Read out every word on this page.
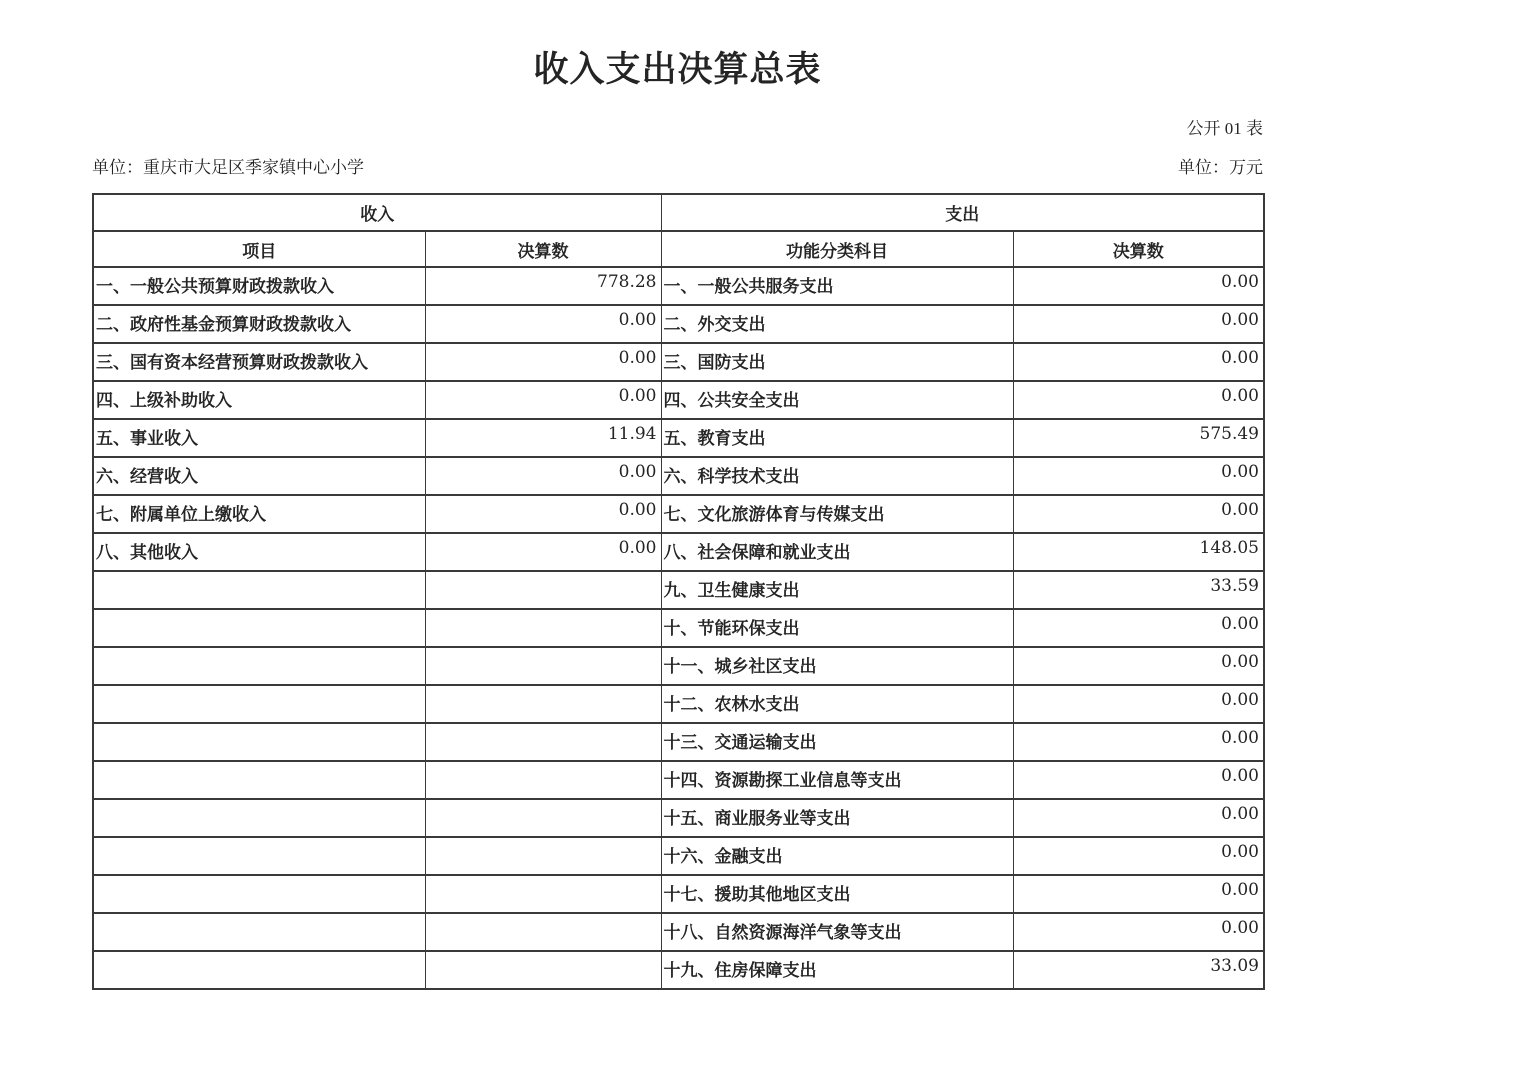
收入支出决算总表
公开 01 表
单位：重庆市大足区季家镇中心小学	单位：万元
收入		支出	
项目	决算数	功能分类科目	决算数
一、一般公共预算财政拨款收入	778.28	一、一般公共服务支出	0.00
二、政府性基金预算财政拨款收入	0.00	二、外交支出	0.00
三、国有资本经营预算财政拨款收入	0.00	三、国防支出	0.00
四、上级补助收入	0.00	四、公共安全支出	0.00
五、事业收入	11.94	五、教育支出	575.49
六、经营收入	0.00	六、科学技术支出	0.00
七、附属单位上缴收入	0.00	七、文化旅游体育与传媒支出	0.00
八、其他收入	0.00	八、社会保障和就业支出	148.05
		九、卫生健康支出	33.59
		十、节能环保支出	0.00
		十一、城乡社区支出	0.00
		十二、农林水支出	0.00
		十三、交通运输支出	0.00
		十四、资源勘探工业信息等支出	0.00
		十五、商业服务业等支出	0.00
		十六、金融支出	0.00
		十七、援助其他地区支出	0.00
		十八、自然资源海洋气象等支出	0.00
		十九、住房保障支出	33.09
